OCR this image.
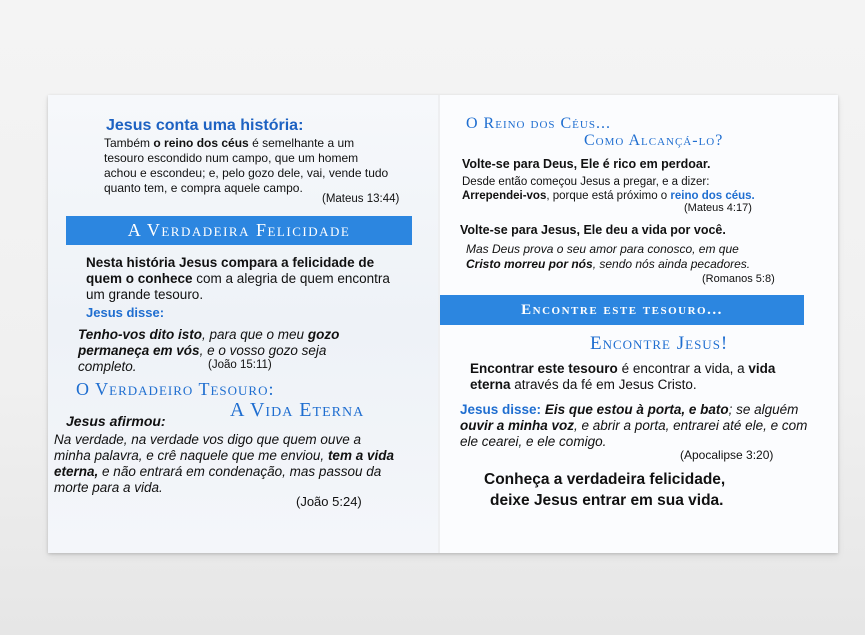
Jesus conta uma história:
Também o reino dos céus é semelhante a um tesouro escondido num campo, que um homem achou e escondeu; e, pelo gozo dele, vai, vende tudo quanto tem, e compra aquele campo.
(Mateus 13:44)
A Verdadeira Felicidade
Nesta história Jesus compara a felicidade de quem o conhece com a alegria de quem encontra um grande tesouro.
Jesus disse:
Tenho-vos dito isto, para que o meu gozo permaneça em vós, e o vosso gozo seja completo.	(João 15:11)
O Verdadeiro Tesouro:
A Vida Eterna
Jesus afirmou:
Na verdade, na verdade vos digo que quem ouve a minha palavra, e crê naquele que me enviou, tem a vida eterna, e não entrará em condenação, mas passou da morte para a vida.
(João 5:24)
O Reino dos Céus...
Como Alcançá-lo?
Volte-se para Deus, Ele é rico em perdoar.
Desde então começou Jesus a pregar, e a dizer: Arrependei-vos, porque está próximo o reino dos céus.
(Mateus 4:17)
Volte-se para Jesus, Ele deu a vida por você.
Mas Deus prova o seu amor para conosco, em que Cristo morreu por nós, sendo nós ainda pecadores.
(Romanos 5:8)
Encontre este tesouro...
Encontre Jesus!
Encontrar este tesouro é encontrar a vida, a vida eterna através da fé em Jesus Cristo.
Jesus disse: Eis que estou à porta, e bato; se alguém ouvir a minha voz, e abrir a porta, entrarei até ele, e com ele cearei, e ele comigo.
(Apocalipse 3:20)
Conheça a verdadeira felicidade,
deixe Jesus entrar em sua vida.
